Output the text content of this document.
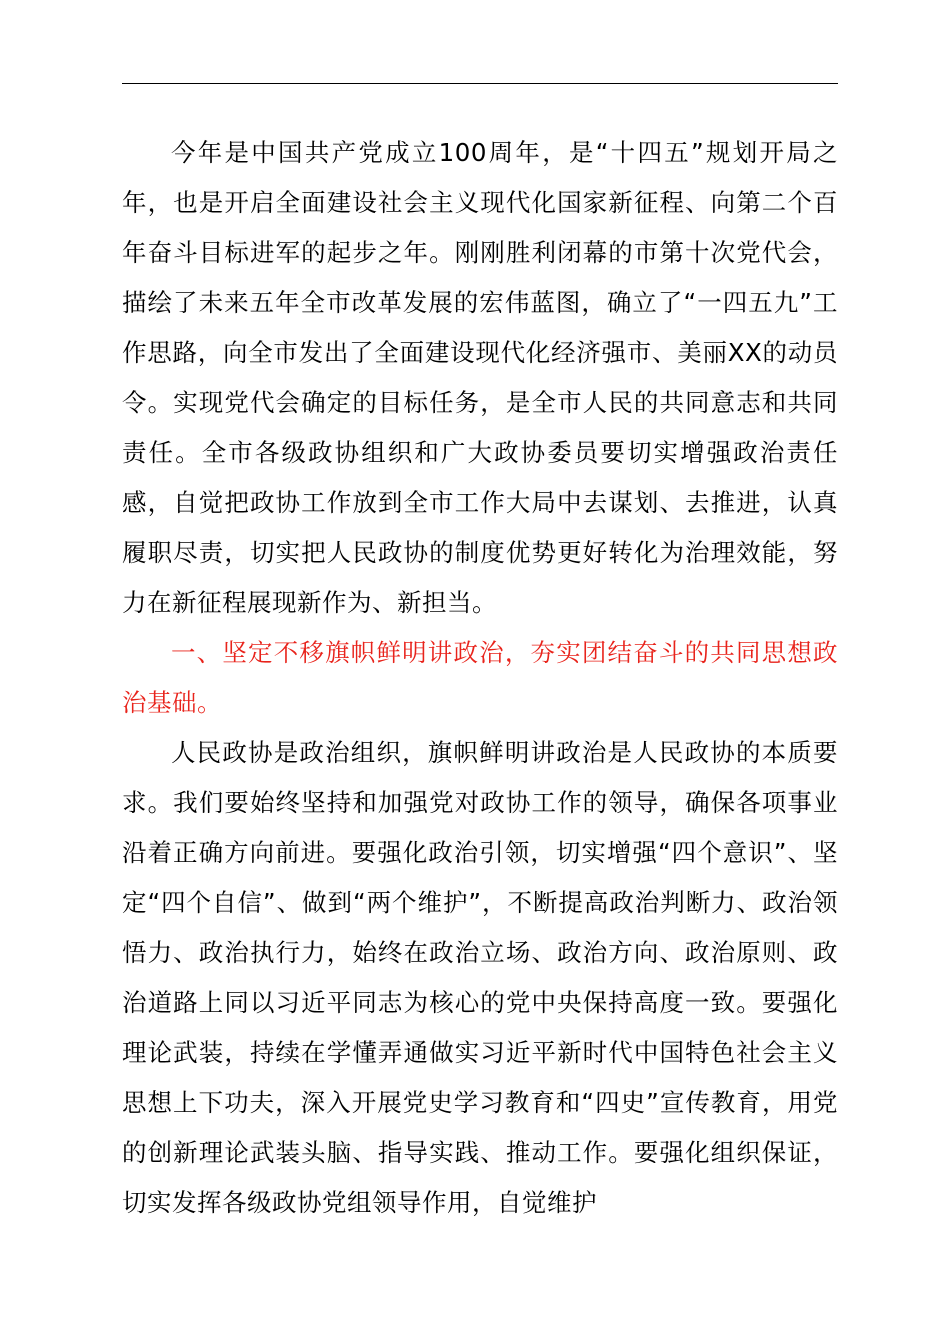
今年是中国共产党成立100周年，是“十四五”规划开局之年，也是开启全面建设社会主义现代化国家新征程、向第二个百年奋斗目标进军的起步之年。刚刚胜利闭幕的市第十次党代会，描绘了未来五年全市改革发展的宏伟蓝图，确立了“一四五九”工作思路，向全市发出了全面建设现代化经济强市、美丽XX的动员令。实现党代会确定的目标任务，是全市人民的共同意志和共同责任。全市各级政协组织和广大政协委员要切实增强政治责任感，自觉把政协工作放到全市工作大局中去谋划、去推进，认真履职尽责，切实把人民政协的制度优势更好转化为治理效能，努力在新征程展现新作为、新担当。

一、坚定不移旗帜鲜明讲政治，夯实团结奋斗的共同思想政治基础。

人民政协是政治组织，旗帜鲜明讲政治是人民政协的本质要求。我们要始终坚持和加强党对政协工作的领导，确保各项事业沿着正确方向前进。要强化政治引领，切实增强“四个意识”、坚定“四个自信”、做到“两个维护”，不断提高政治判断力、政治领悟力、政治执行力，始终在政治立场、政治方向、政治原则、政治道路上同以习近平同志为核心的党中央保持高度一致。要强化理论武装，持续在学懂弄通做实习近平新时代中国特色社会主义思想上下功夫，深入开展党史学习教育和“四史”宣传教育，用党的创新理论武装头脑、指导实践、推动工作。要强化组织保证，切实发挥各级政协党组领导作用，自觉维护
